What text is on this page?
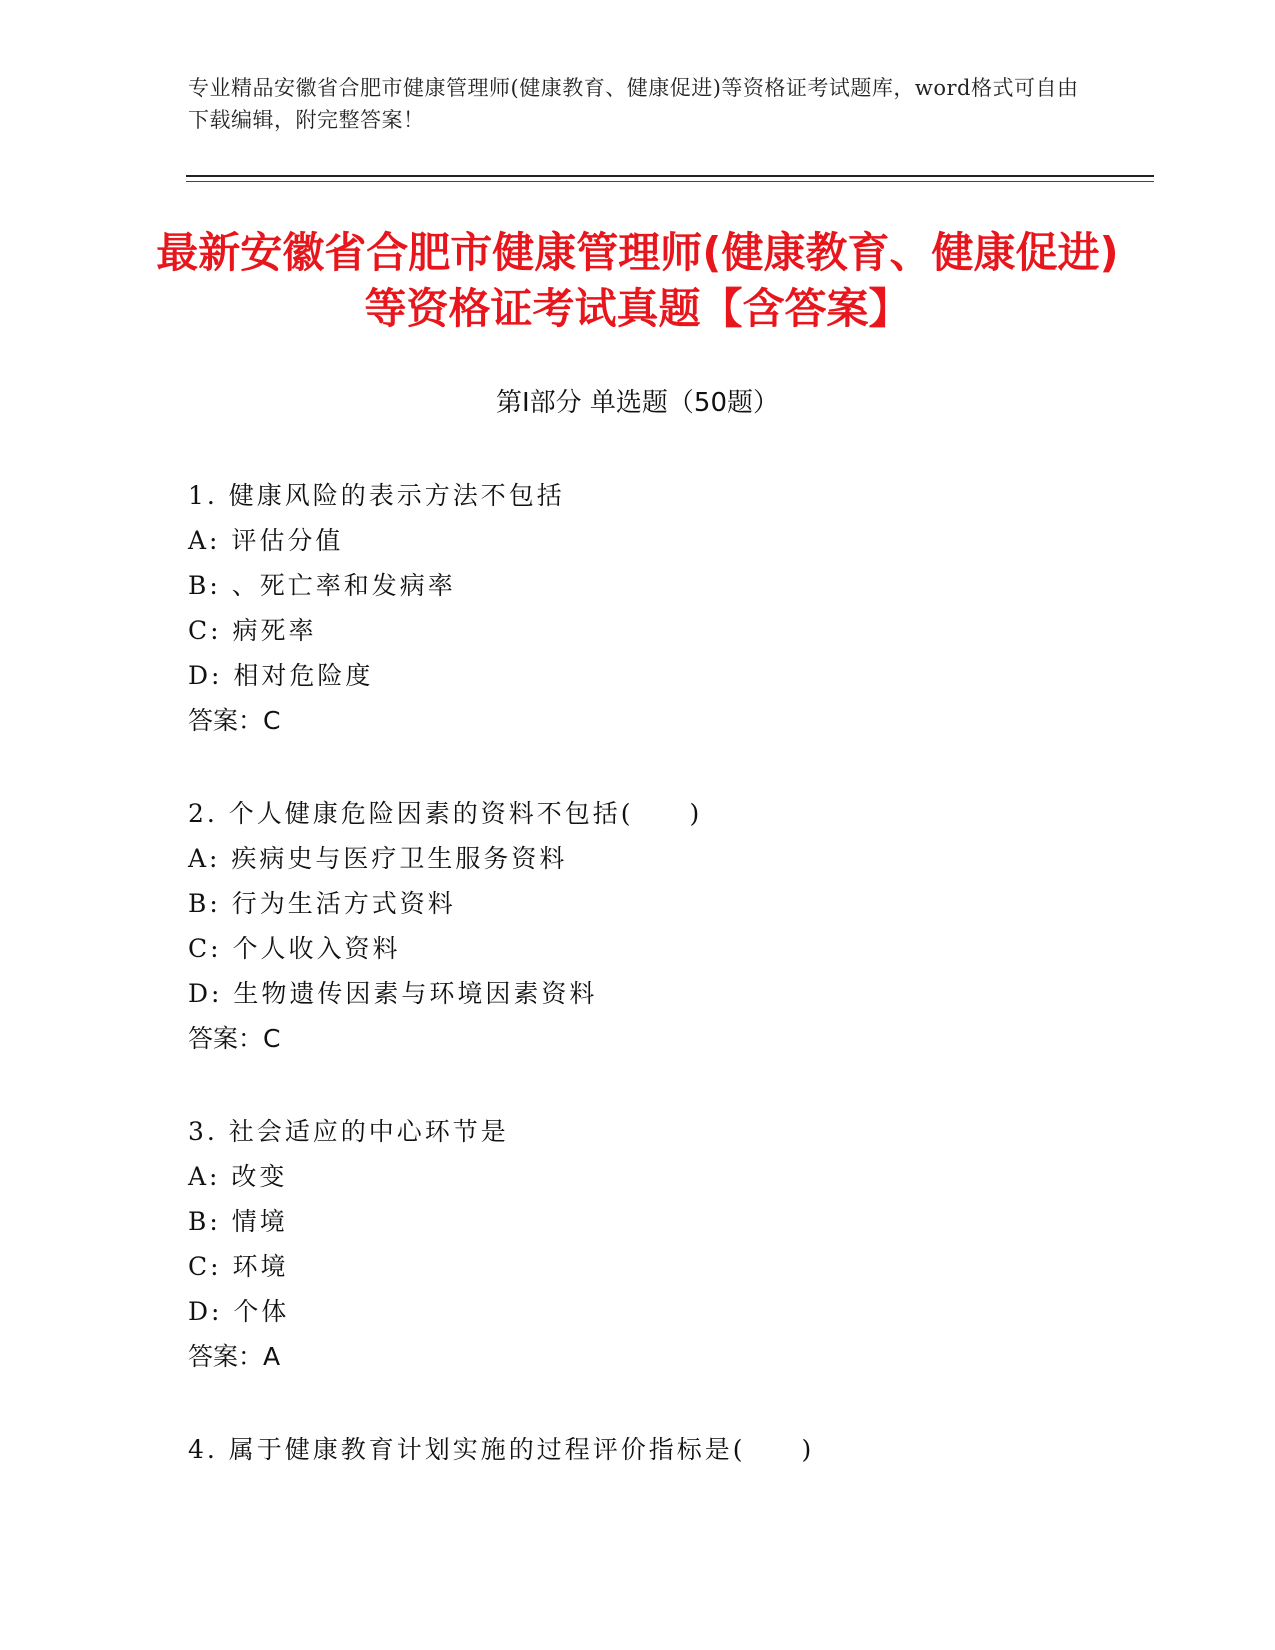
专业精品安徽省合肥市健康管理师(健康教育、健康促进)等资格证考试题库，word格式可自由下载编辑，附完整答案！
最新安徽省合肥市健康管理师(健康教育、健康促进)等资格证考试真题【含答案】
第Ⅰ部分 单选题（50题）
1. 健康风险的表示方法不包括
A: 评估分值
B: 、死亡率和发病率
C: 病死率
D: 相对危险度
答案：C
2. 个人健康危险因素的资料不包括(　　)
A: 疾病史与医疗卫生服务资料
B: 行为生活方式资料
C: 个人收入资料
D: 生物遗传因素与环境因素资料
答案：C
3. 社会适应的中心环节是
A: 改变
B: 情境
C: 环境
D: 个体
答案：A
4. 属于健康教育计划实施的过程评价指标是(　　)
